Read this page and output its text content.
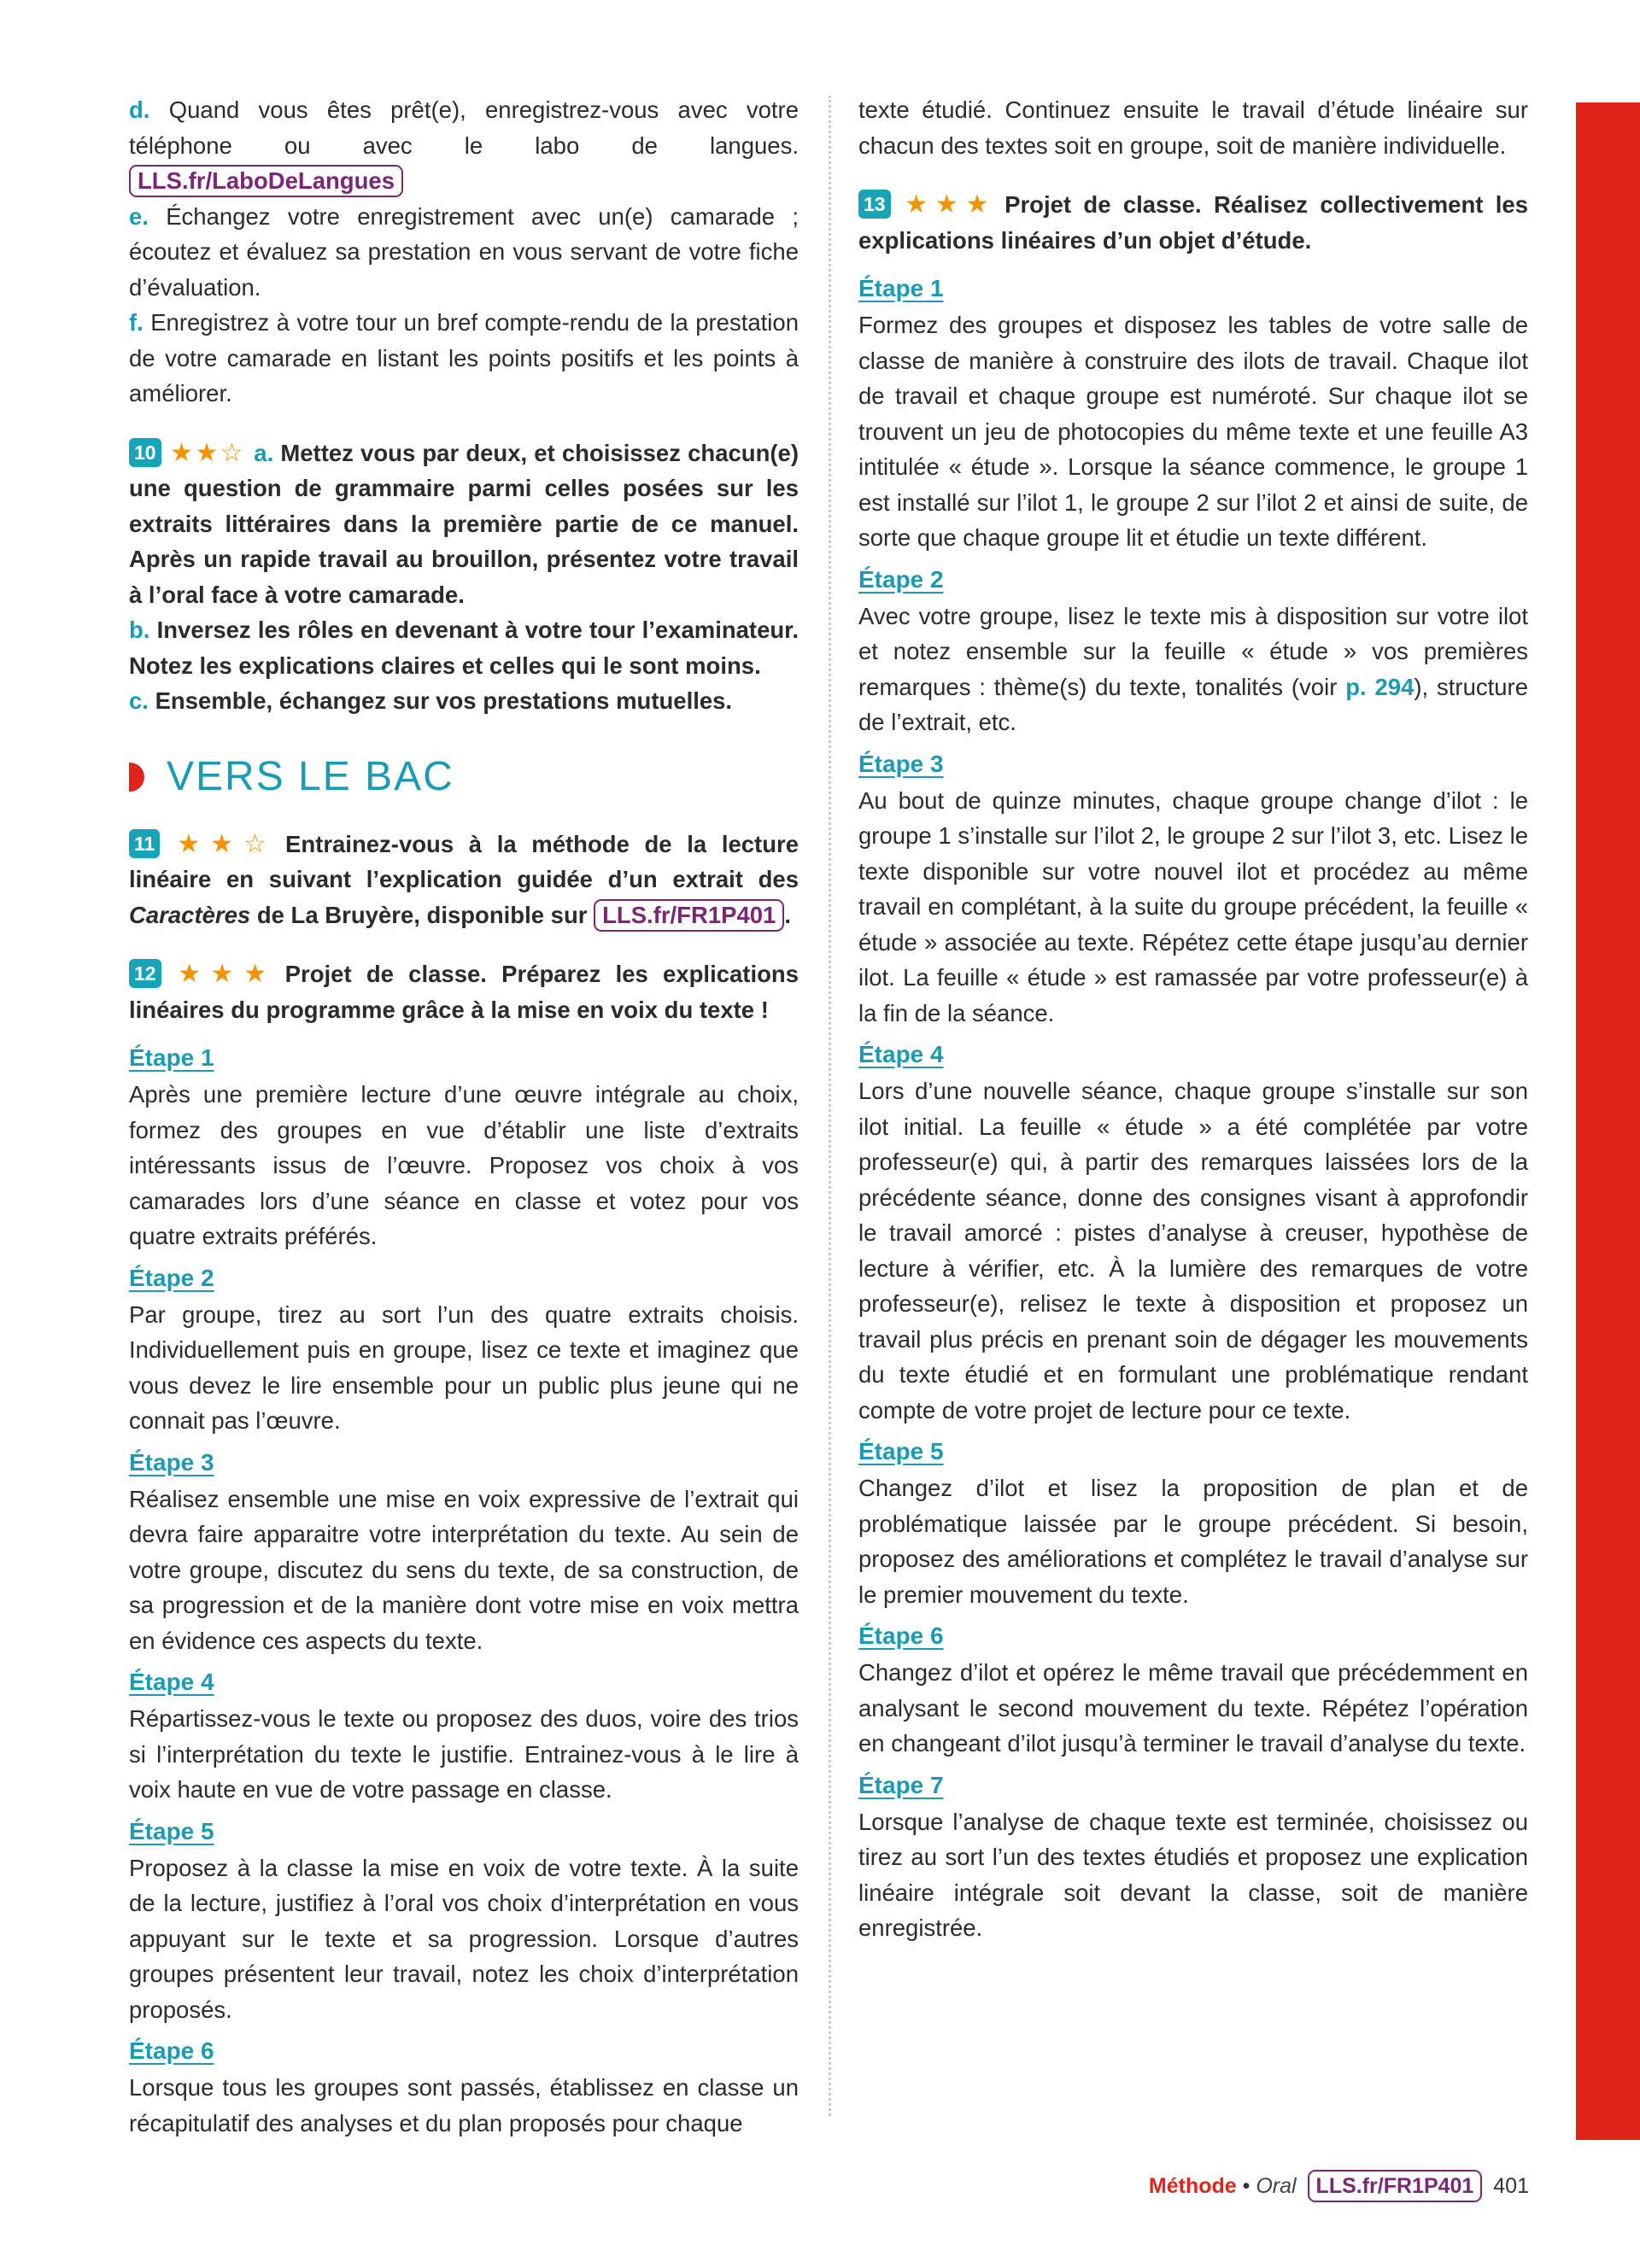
d. Quand vous êtes prêt(e), enregistrez-vous avec votre téléphone ou avec le labo de langues. LLS.fr/LaboDeLangues

e. Échangez votre enregistrement avec un(e) camarade ; écoutez et évaluez sa prestation en vous servant de votre fiche d’évaluation.

f. Enregistrez à votre tour un bref compte-rendu de la prestation de votre camarade en listant les points positifs et les points à améliorer.

10 ★★☆ a. Mettez vous par deux, et choisissez chacun(e) une question de grammaire parmi celles posées sur les extraits littéraires dans la première partie de ce manuel. Après un rapide travail au brouillon, présentez votre travail à l’oral face à votre camarade.

b. Inversez les rôles en devenant à votre tour l’examinateur. Notez les explications claires et celles qui le sont moins.

c. Ensemble, échangez sur vos prestations mutuelles.

VERS LE BAC

11 ★★☆ Entrainez-vous à la méthode de la lecture linéaire en suivant l’explication guidée d’un extrait des Caractères de La Bruyère, disponible sur LLS.fr/FR1P401 .

12 ★★★ Projet de classe. Préparez les explications linéaires du programme grâce à la mise en voix du texte !

Étape 1

Après une première lecture d’une œuvre intégrale au choix, formez des groupes en vue d’établir une liste d’extraits intéressants issus de l’œuvre. Proposez vos choix à vos camarades lors d’une séance en classe et votez pour vos quatre extraits préférés.

Étape 2

Par groupe, tirez au sort l’un des quatre extraits choisis. Individuellement puis en groupe, lisez ce texte et imaginez que vous devez le lire ensemble pour un public plus jeune qui ne connait pas l’œuvre.

Étape 3

Réalisez ensemble une mise en voix expressive de l’extrait qui devra faire apparaitre votre interprétation du texte. Au sein de votre groupe, discutez du sens du texte, de sa construction, de sa progression et de la manière dont votre mise en voix mettra en évidence ces aspects du texte.

Étape 4

Répartissez-vous le texte ou proposez des duos, voire des trios si l’interprétation du texte le justifie. Entrainez-vous à le lire à voix haute en vue de votre passage en classe.

Étape 5

Proposez à la classe la mise en voix de votre texte. À la suite de la lecture, justifiez à l’oral vos choix d’interprétation en vous appuyant sur le texte et sa progression. Lorsque d’autres groupes présentent leur travail, notez les choix d’interprétation proposés.

Étape 6

Lorsque tous les groupes sont passés, établissez en classe un récapitulatif des analyses et du plan proposés pour chaque

texte étudié. Continuez ensuite le travail d’étude linéaire sur chacun des textes soit en groupe, soit de manière individuelle.

13 ★★★ Projet de classe. Réalisez collectivement les explications linéaires d’un objet d’étude.

Étape 1

Formez des groupes et disposez les tables de votre salle de classe de manière à construire des ilots de travail. Chaque ilot de travail et chaque groupe est numéroté. Sur chaque ilot se trouvent un jeu de photocopies du même texte et une feuille A3 intitulée « étude ». Lorsque la séance commence, le groupe 1 est installé sur l’ilot 1, le groupe 2 sur l’ilot 2 et ainsi de suite, de sorte que chaque groupe lit et étudie un texte différent.

Étape 2

Avec votre groupe, lisez le texte mis à disposition sur votre ilot et notez ensemble sur la feuille « étude » vos premières remarques : thème(s) du texte, tonalités (voir p. 294), structure de l’extrait, etc.

Étape 3

Au bout de quinze minutes, chaque groupe change d’ilot : le groupe 1 s’installe sur l’ilot 2, le groupe 2 sur l’ilot 3, etc. Lisez le texte disponible sur votre nouvel ilot et procédez au même travail en complétant, à la suite du groupe précédent, la feuille « étude » associée au texte. Répétez cette étape jusqu’au dernier ilot. La feuille « étude » est ramassée par votre professeur(e) à la fin de la séance.

Étape 4

Lors d’une nouvelle séance, chaque groupe s’installe sur son ilot initial. La feuille « étude » a été complétée par votre professeur(e) qui, à partir des remarques laissées lors de la précédente séance, donne des consignes visant à approfondir le travail amorcé : pistes d’analyse à creuser, hypothèse de lecture à vérifier, etc. À la lumière des remarques de votre professeur(e), relisez le texte à disposition et proposez un travail plus précis en prenant soin de dégager les mouvements du texte étudié et en formulant une problématique rendant compte de votre projet de lecture pour ce texte.

Étape 5

Changez d’ilot et lisez la proposition de plan et de problématique laissée par le groupe précédent. Si besoin, proposez des améliorations et complétez le travail d’analyse sur le premier mouvement du texte.

Étape 6

Changez d’ilot et opérez le même travail que précédemment en analysant le second mouvement du texte. Répétez l’opération en changeant d’ilot jusqu’à terminer le travail d’analyse du texte.

Étape 7

Lorsque l’analyse de chaque texte est terminée, choisissez ou tirez au sort l’un des textes étudiés et proposez une explication linéaire intégrale soit devant la classe, soit de manière enregistrée.

Méthode • Oral LLS.fr/FR1P401 401
